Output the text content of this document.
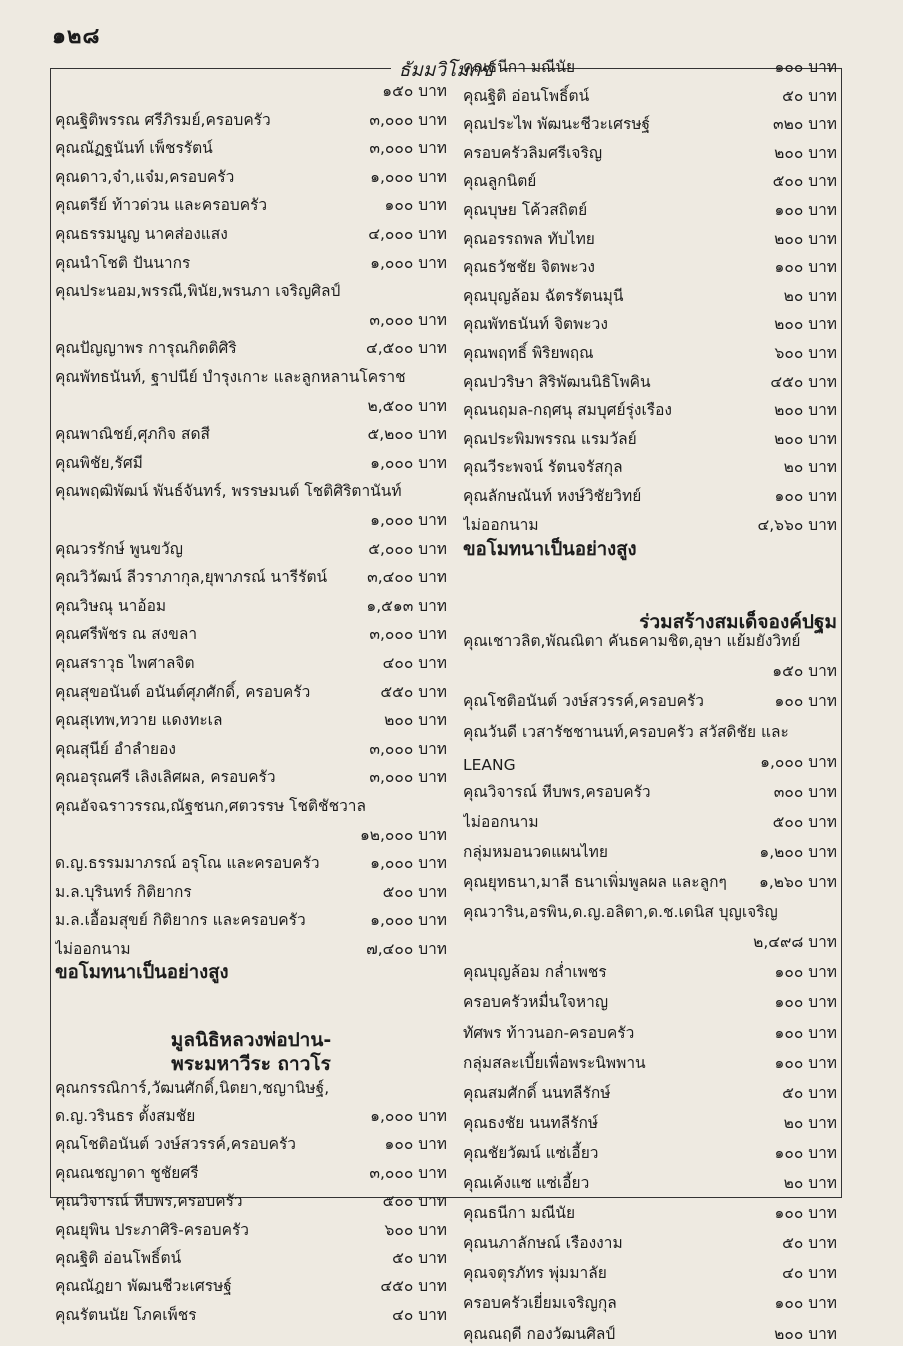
๑๒๘
ธัมมวิโมกข์
๑๕๐ บาท
คุณฐิติพรรณ ศรีภิรมย์,ครอบครัว	๓,๐๐๐ บาท
คุณณัฏฐนันท์ เพ็ชรรัตน์	๓,๐๐๐ บาท
คุณดาว,จ๋า,แจ๋ม,ครอบครัว	๑,๐๐๐ บาท
คุณตรีย์ ท้าวด่วน และครอบครัว	๑๐๐ บาท
คุณธรรมนูญ นาคส่องแสง	๔,๐๐๐ บาท
คุณนำโชติ ปันนากร	๑,๐๐๐ บาท
คุณประนอม,พรรณี,พินัย,พรนภา เจริญศิลป์
๓,๐๐๐ บาท
คุณปัญญาพร การุณกิตติศิริ	๔,๕๐๐ บาท
คุณพัทธนันท์, ฐาปนีย์ บำรุงเกาะ และลูกหลานโคราช
๒,๕๐๐ บาท
คุณพาณิชย์,ศุภกิจ สดสี	๕,๒๐๐ บาท
คุณพิชัย,รัศมี	๑,๐๐๐ บาท
คุณพฤฒิพัฒน์ พันธ์จันทร์, พรรษมนต์ โชติศิริตานันท์
๑,๐๐๐ บาท
คุณวรรักษ์ พูนขวัญ	๕,๐๐๐ บาท
คุณวิวัฒน์ ลีวราภากุล,ยุพาภรณ์ นารีรัตน์	๓,๔๐๐ บาท
คุณวิษณุ นาอ้อม	๑,๕๑๓ บาท
คุณศรีพัชร ณ สงขลา	๓,๐๐๐ บาท
คุณสราวุธ ไพศาลจิต	๔๐๐ บาท
คุณสุขอนันต์ อนันต์ศุภศักดิ์, ครอบครัว	๕๕๐ บาท
คุณสุเทพ,ทวาย แดงทะเล	๒๐๐ บาท
คุณสุนีย์ อำลำยอง	๓,๐๐๐ บาท
คุณอรุณศรี เลิงเลิศผล, ครอบครัว	๓,๐๐๐ บาท
คุณอัจฉราวรรณ,ณัฐชนก,ศตวรรษ โชติชัชวาล
๑๒,๐๐๐ บาท
ด.ญ.ธรรมมาภรณ์ อรุโณ และครอบครัว	๑,๐๐๐ บาท
ม.ล.บุรินทร์ กิติยากร	๕๐๐ บาท
ม.ล.เอื้อมสุขย์ กิติยากร และครอบครัว	๑,๐๐๐ บาท
ไม่ออกนาม	๗,๔๐๐ บาท
ขอโมทนาเป็นอย่างสูง
มูลนิธิหลวงพ่อปาน-
พระมหาวีระ ถาวโร
คุณกรรณิการ์,วัฒนศักดิ์,นิตยา,ชญานิษฐ์,
ด.ญ.วรินธร ตั้งสมชัย	๑,๐๐๐ บาท
คุณโชติอนันต์ วงษ์สวรรค์,ครอบครัว	๑๐๐ บาท
คุณณชญาดา ชูชัยศรี	๓,๐๐๐ บาท
คุณวิจารณ์ หีบพร,ครอบครัว	๕๐๐ บาท
คุณยุพิน ประภาศิริ-ครอบครัว	๖๐๐ บาท
คุณฐิติ อ่อนโพธิ์ตน์	๕๐ บาท
คุณณัฎยา พัฒนชีวะเศรษฐ์	๔๕๐ บาท
คุณรัตนนัย โภคเพ็ชร	๔๐ บาท
คุณธนีกา มณีนัย	๑๐๐ บาท
คุณฐิติ อ่อนโพธิ์ตน์	๕๐ บาท
คุณประไพ พัฒนะชีวะเศรษฐ์	๓๒๐ บาท
ครอบครัวลิมศรีเจริญ	๒๐๐ บาท
คุณลูกนิตย์	๕๐๐ บาท
คุณบุษย โค้วสถิตย์	๑๐๐ บาท
คุณอรรถพล ทับไทย	๒๐๐ บาท
คุณธวัชชัย จิตพะวง	๑๐๐ บาท
คุณบุญล้อม ฉัตรรัตนมุนี	๒๐ บาท
คุณพัทธนันท์ จิตพะวง	๒๐๐ บาท
คุณพฤทธิ์ พิริยพฤณ	๖๐๐ บาท
คุณปวริษา สิริพัฒนนิธิโพคิน	๔๕๐ บาท
คุณนฤมล-กฤศนุ สมบุศย์รุ่งเรือง	๒๐๐ บาท
คุณประพิมพรรณ แรมวัลย์	๒๐๐ บาท
คุณวีระพจน์ รัตนจรัสกุล	๒๐ บาท
คุณลักษณันท์ หงษ์วิชัยวิทย์	๑๐๐ บาท
ไม่ออกนาม	๔,๖๖๐ บาท
ขอโมทนาเป็นอย่างสูง
ร่วมสร้างสมเด็จองค์ปฐม
คุณเชาวลิต,พัณณิตา คันธคามชิต,อุษา แย้มยังวิทย์
๑๕๐ บาท
คุณโชติอนันต์ วงษ์สวรรค์,ครอบครัว	๑๐๐ บาท
คุณวันดี เวสารัชชานนท์,ครอบครัว สวัสดิชัย และ
LEANG	๑,๐๐๐ บาท
คุณวิจารณ์ หีบพร,ครอบครัว	๓๐๐ บาท
ไม่ออกนาม	๕๐๐ บาท
กลุ่มหมอนวดแผนไทย	๑,๒๐๐ บาท
คุณยุทธนา,มาลี ธนาเพิ่มพูลผล และลูกๆ ๑,๒๖๐ บาท
คุณวาริน,อรพิน,ด.ญ.อลิตา,ด.ช.เดนิส บุญเจริญ
๒,๔๙๘ บาท
คุณบุญล้อม กล่ำเพชร	๑๐๐ บาท
ครอบครัวหมื่นใจหาญ	๑๐๐ บาท
ทัศพร ท้าวนอก-ครอบครัว	๑๐๐ บาท
กลุ่มสละเบี้ยเพื่อพระนิพพาน	๑๐๐ บาท
คุณสมศักดิ์ นนทลีรักษ์	๕๐ บาท
คุณธงชัย นนทลีรักษ์	๒๐ บาท
คุณชัยวัฒน์ แซ่เอี้ยว	๑๐๐ บาท
คุณเค้งแซ แซ่เอี้ยว	๒๐ บาท
คุณธนีกา มณีนัย	๑๐๐ บาท
คุณนภาลักษณ์ เรืองงาม	๕๐ บาท
คุณจตุรภัทร พุ่มมาลัย	๔๐ บาท
ครอบครัวเยี่ยมเจริญกุล	๑๐๐ บาท
คุณณฤดี กองวัฒนศิลป์	๒๐๐ บาท
